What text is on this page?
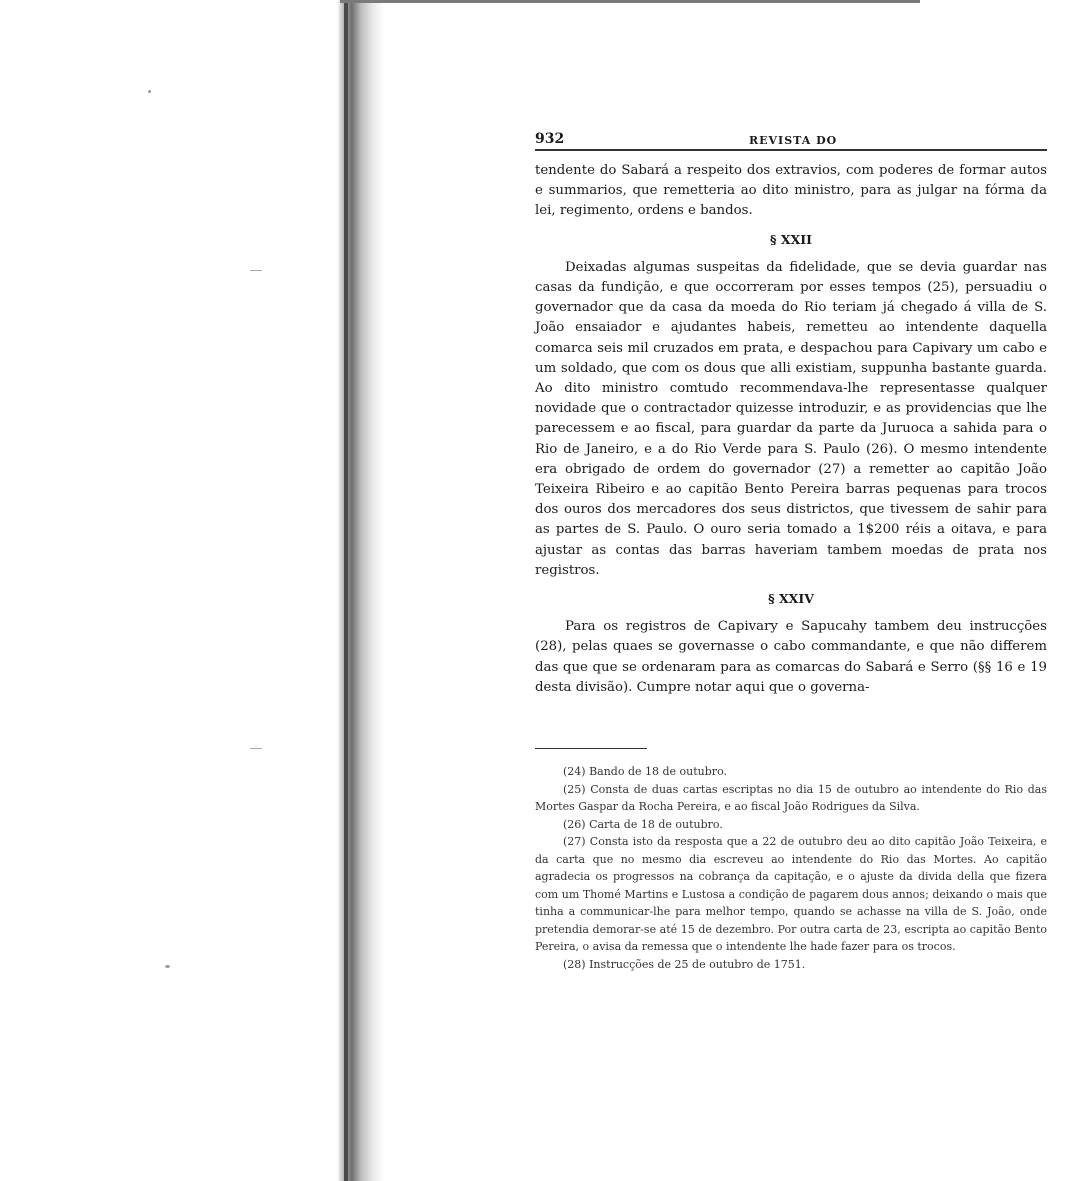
932	REVISTA DO

tendente do Sabará a respeito dos extravios, com poderes de formar autos e summarios, que remetteria ao dito ministro, para as julgar na fórma da lei, regimento, ordens e bandos.

§ XXII

Deixadas algumas suspeitas da fidelidade, que se devia guardar nas casas da fundição, e que occorreram por esses tempos (25), persuadiu o governador que da casa da moeda do Rio teriam já chegado á villa de S. João ensaiador e ajudantes habeis, remetteu ao intendente daquella comarca seis mil cruzados em prata, e despachou para Capivary um cabo e um soldado, que com os dous que alli existiam, suppunha bastante guarda. Ao dito ministro comtudo recommendava-lhe representasse qualquer novidade que o contractador quizesse introduzir, e as providencias que lhe parecessem e ao fiscal, para guardar da parte da Juruoca a sahida para o Rio de Janeiro, e a do Rio Verde para S. Paulo (26). O mesmo intendente era obrigado de ordem do governador (27) a remetter ao capitão João Teixeira Ribeiro e ao capitão Bento Pereira barras pequenas para trocos dos ouros dos mercadores dos seus districtos, que tivessem de sahir para as partes de S. Paulo. O ouro seria tomado a 1$200 réis a oitava, e para ajustar as contas das barras haveriam tambem moedas de prata nos registros.

§ XXIV

Para os registros de Capivary e Sapucahy tambem deu instrucções (28), pelas quaes se governasse o cabo commandante, e que não differem das que que se ordenaram para as comarcas do Sabará e Serro (§§ 16 e 19 desta divisão). Cumpre notar aqui que o governa-

(24) Bando de 18 de outubro.

(25) Consta de duas cartas escriptas no dia 15 de outubro ao intendente do Rio das Mortes Gaspar da Rocha Pereira, e ao fiscal João Rodrigues da Silva.

(26) Carta de 18 de outubro.

(27) Consta isto da resposta que a 22 de outubro deu ao dito capitão João Teixeira, e da carta que no mesmo dia escreveu ao intendente do Rio das Mortes. Ao capitão agradecia os progressos na cobrança da capitação, e o ajuste da divida della que fizera com um Thomé Martins e Lustosa a condição de pagarem dous annos; deixando o mais que tinha a communicar-lhe para melhor tempo, quando se achasse na villa de S. João, onde pretendia demorar-se até 15 de dezembro. Por outra carta de 23, escripta ao capitão Bento Pereira, o avisa da remessa que o intendente lhe hade fazer para os trocos.

(28) Instrucções de 25 de outubro de 1751.
